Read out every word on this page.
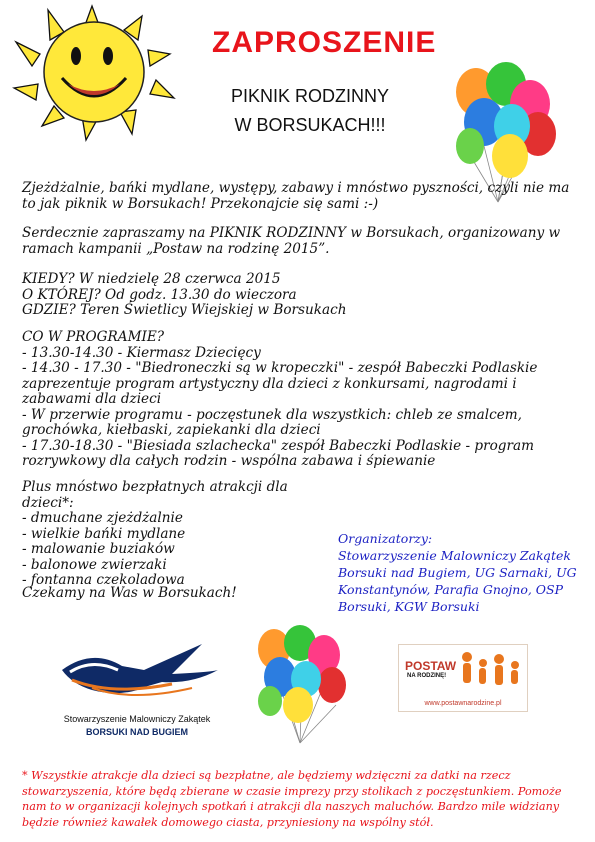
ZAPROSZENIE
PIKNIK RODZINNY
W BORSUKACH!!!
Zjeżdżalnie, bańki mydlane, występy, zabawy i mnóstwo pyszności, czyli nie ma to jak piknik w Borsukach! Przekonajcie się sami :-)
Serdecznie zapraszamy na PIKNIK RODZINNY w Borsukach, organizowany w ramach kampanii „Postaw na rodzinę 2015”.

KIEDY? W niedzielę 28 czerwca 2015

O KTÓREJ? Od godz. 13.30 do wieczora

GDZIE? Teren Świetlicy Wiejskiej w Borsukach

CO W PROGRAMIE?

- 13.30-14.30 - Kiermasz Dziecięcy

- 14.30 - 17.30 - "Biedroneczki są w kropeczki" - zespół Babeczki Podlaskie zaprezentuje program artystyczny dla dzieci z konkursami, nagrodami i zabawami dla dzieci

- W przerwie programu - poczęstunek dla wszystkich: chleb ze smalcem, grochówka, kiełbaski, zapiekanki dla dzieci

- 17.30-18.30 - "Biesiada szlachecka" zespół Babeczki Podlaskie - program rozrywkowy dla całych rodzin - wspólna zabawa i śpiewanie

Plus mnóstwo bezpłatnych atrakcji dla dzieci*:

- dmuchane zjeżdżalnie

- wielkie bańki mydlane

- malowanie buziaków

- balonowe zwierzaki

- fontanna czekoladowa

Czekamy na Was w Borsukach!
Organizatorzy:
Stowarzyszenie Malowniczy Zakątek Borsuki nad Bugiem, UG Sarnaki, UG Konstantynów, Parafia Gnojno, OSP Borsuki, KGW Borsuki
Stowarzyszenie Malowniczy Zakątek
BORSUKI NAD BUGIEM
POSTAW
NA RODZINĘ!
www.postawnarodzine.pl
* Wszystkie atrakcje dla dzieci są bezpłatne, ale będziemy wdzięczni za datki na rzecz stowarzyszenia, które będą zbierane w czasie imprezy przy stolikach z poczęstunkiem. Pomoże nam to w organizacji kolejnych spotkań i atrakcji dla naszych maluchów. Bardzo mile widziany będzie również kawałek domowego ciasta, przyniesiony na wspólny stół.
